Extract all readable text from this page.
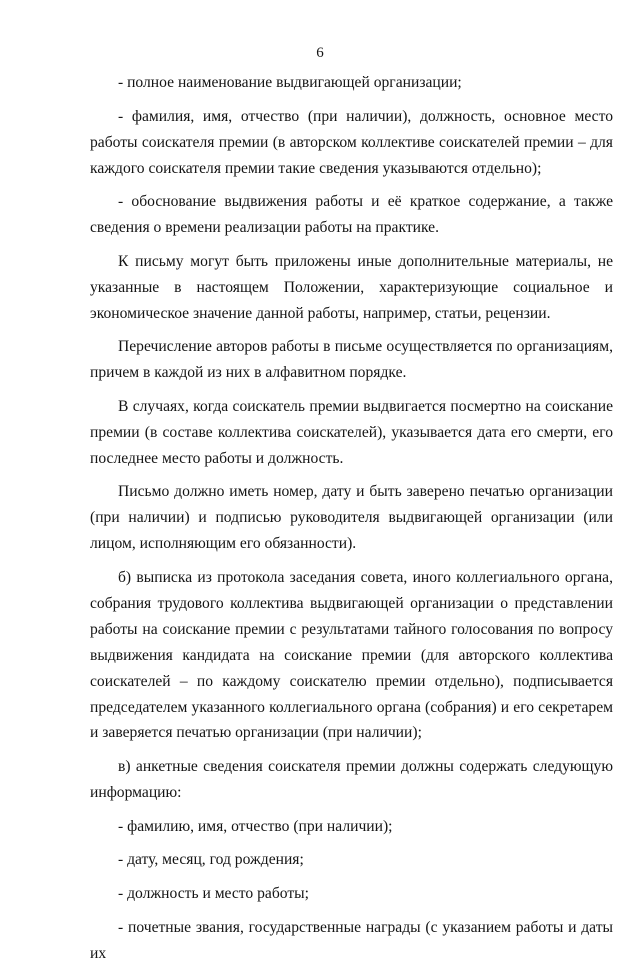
6

- полное наименование выдвигающей организации;

- фамилия, имя, отчество (при наличии), должность, основное место работы соискателя премии (в авторском коллективе соискателей премии – для каждого соискателя премии такие сведения указываются отдельно);

- обоснование выдвижения работы и её краткое содержание, а также сведения о времени реализации работы на практике.

К письму могут быть приложены иные дополнительные материалы, не указанные в настоящем Положении, характеризующие социальное и экономическое значение данной работы, например, статьи, рецензии.

Перечисление авторов работы в письме осуществляется по организациям, причем в каждой из них в алфавитном порядке.

В случаях, когда соискатель премии выдвигается посмертно на соискание премии (в составе коллектива соискателей), указывается дата его смерти, его последнее место работы и должность.

Письмо должно иметь номер, дату и быть заверено печатью организации (при наличии) и подписью руководителя выдвигающей организации (или лицом, исполняющим его обязанности).

б) выписка из протокола заседания совета, иного коллегиального органа, собрания трудового коллектива выдвигающей организации о представлении работы на соискание премии с результатами тайного голосования по вопросу выдвижения кандидата на соискание премии (для авторского коллектива соискателей – по каждому соискателю премии отдельно), подписывается председателем указанного коллегиального органа (собрания) и его секретарем и заверяется печатью организации (при наличии);

в) анкетные сведения соискателя премии должны содержать следующую информацию:

- фамилию, имя, отчество (при наличии);

- дату, месяц, год рождения;

- должность и место работы;

- почетные звания, государственные награды (с указанием работы и даты их
